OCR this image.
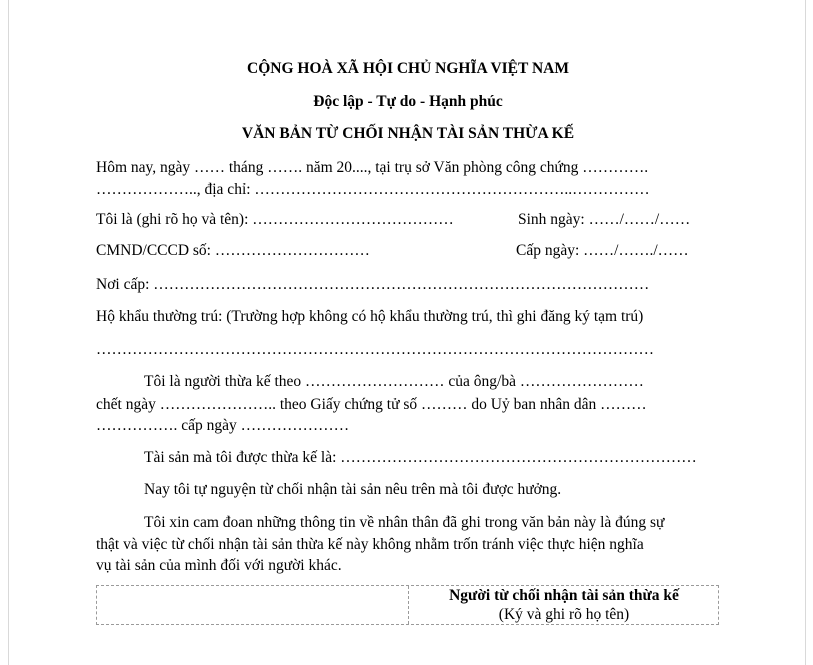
CỘNG HOÀ XÃ HỘI CHỦ NGHĨA VIỆT NAM
Độc lập - Tự do - Hạnh phúc
VĂN BẢN TỪ CHỐI NHẬN TÀI SẢN THỪA KẾ
Hôm nay, ngày …… tháng ……. năm 20...., tại trụ sở Văn phòng công chứng ………….
……………….., địa chỉ: ……………………………………………………..……………
Tôi là (ghi rõ họ và tên): …………………………………	Sinh ngày: ……/……/……
CMND/CCCD số: …………………………	Cấp ngày: ……/……./……
Nơi cấp: ……………………………………………………………………………………
Hộ khẩu thường trú: (Trường hợp không có hộ khẩu thường trú, thì ghi đăng ký tạm trú)
………………………………………………………………………………………………
Tôi là người thừa kế theo ……………………… của ông/bà ……………………
chết ngày ………………….. theo Giấy chứng tử số ……… do Uỷ ban nhân dân ………
……………. cấp ngày …………………
Tài sản mà tôi được thừa kế là: ……………………………………………………………
Nay tôi tự nguyện từ chối nhận tài sản nêu trên mà tôi được hưởng.
Tôi xin cam đoan những thông tin về nhân thân đã ghi trong văn bản này là đúng sự
thật và việc từ chối nhận tài sản thừa kế này không nhằm trốn tránh việc thực hiện nghĩa
vụ tài sản của mình đối với người khác.
Người từ chối nhận tài sản thừa kế
(Ký và ghi rõ họ tên)
